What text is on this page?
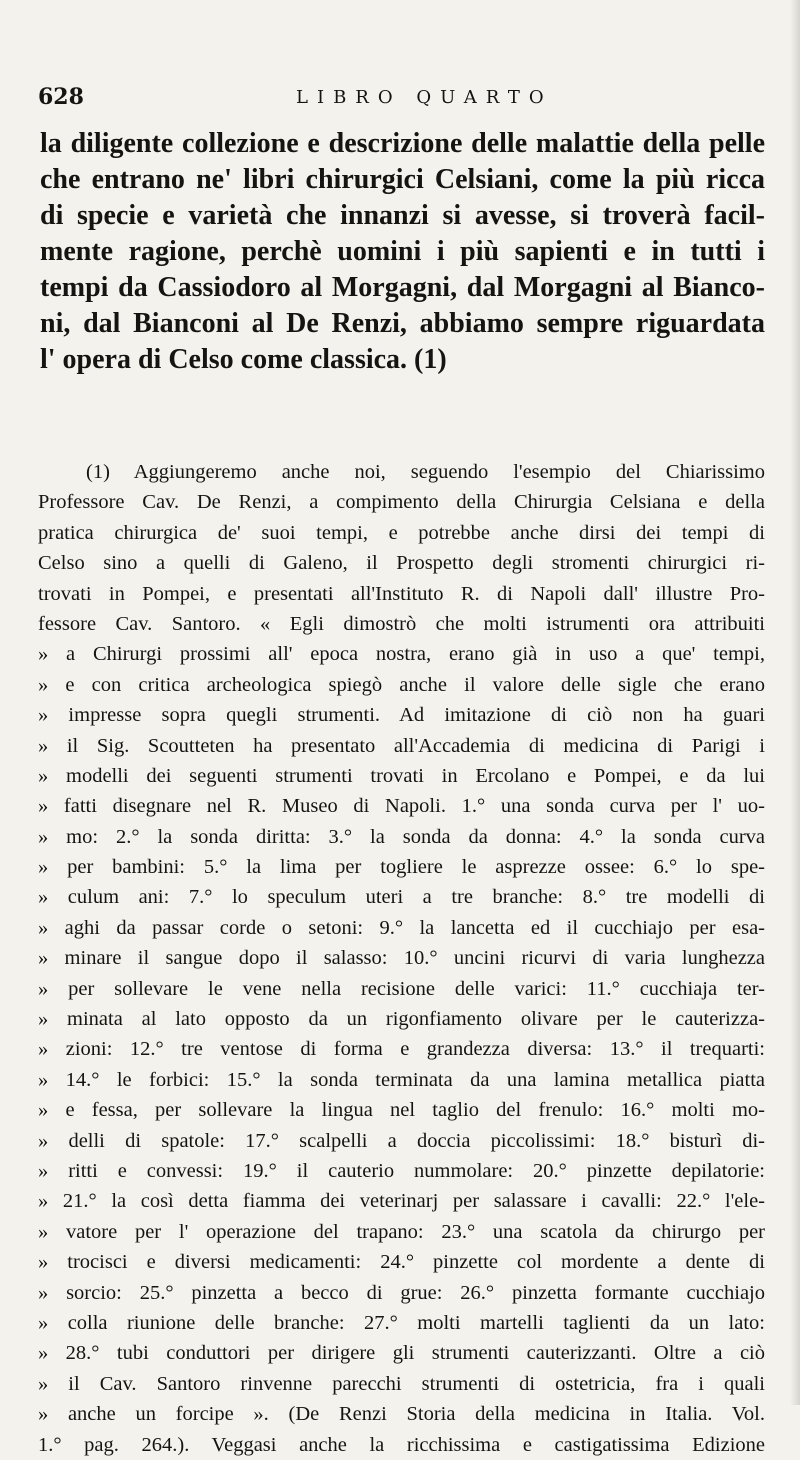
628	LIBRO QUARTO

la diligente collezione e descrizione delle malattie della pelle
che entrano ne' libri chirurgici Celsiani, come la più ricca
di specie e varietà che innanzi si avesse, si troverà facil-
mente ragione, perchè uomini i più sapienti e in tutti i
tempi da Cassiodoro al Morgagni, dal Morgagni al Bianco-
ni, dal Bianconi al De Renzi, abbiamo sempre riguardata
l' opera di Celso come classica. (1)
(1) Aggiungeremo anche noi, seguendo l'esempio del Chiarissimo
Professore Cav. De Renzi, a compimento della Chirurgia Celsiana e della
pratica chirurgica de' suoi tempi, e potrebbe anche dirsi dei tempi di
Celso sino a quelli di Galeno, il Prospetto degli stromenti chirurgici ri-
trovati in Pompei, e presentati all'Instituto R. di Napoli dall' illustre Pro-
fessore Cav. Santoro. « Egli dimostrò che molti istrumenti ora attribuiti
» a Chirurgi prossimi all' epoca nostra, erano già in uso a que' tempi,
» e con critica archeologica spiegò anche il valore delle sigle che erano
» impresse sopra quegli strumenti. Ad imitazione di ciò non ha guari
» il Sig. Scoutteten ha presentato all'Accademia di medicina di Parigi i
» modelli dei seguenti strumenti trovati in Ercolano e Pompei, e da lui
» fatti disegnare nel R. Museo di Napoli. 1.° una sonda curva per l' uo-
» mo: 2.° la sonda diritta: 3.° la sonda da donna: 4.° la sonda curva
» per bambini: 5.° la lima per togliere le asprezze ossee: 6.° lo spe-
» culum ani: 7.° lo speculum uteri a tre branche: 8.° tre modelli di
» aghi da passar corde o setoni: 9.° la lancetta ed il cucchiajo per esa-
» minare il sangue dopo il salasso: 10.° uncini ricurvi di varia lunghezza
» per sollevare le vene nella recisione delle varici: 11.° cucchiaja ter-
» minata al lato opposto da un rigonfiamento olivare per le cauterizza-
» zioni: 12.° tre ventose di forma e grandezza diversa: 13.° il trequarti:
» 14.° le forbici: 15.° la sonda terminata da una lamina metallica piatta
» e fessa, per sollevare la lingua nel taglio del frenulo: 16.° molti mo-
» delli di spatole: 17.° scalpelli a doccia piccolissimi: 18.° bisturì di-
» ritti e convessi: 19.° il cauterio nummolare: 20.° pinzette depilatorie:
» 21.° la così detta fiamma dei veterinarj per salassare i cavalli: 22.° l'ele-
» vatore per l' operazione del trapano: 23.° una scatola da chirurgo per
» trocisci e diversi medicamenti: 24.° pinzette col mordente a dente di
» sorcio: 25.° pinzetta a becco di grue: 26.° pinzetta formante cucchiajo
» colla riunione delle branche: 27.° molti martelli taglienti da un lato:
» 28.° tubi conduttori per dirigere gli strumenti cauterizzanti. Oltre a ciò
» il Cav. Santoro rinvenne parecchi strumenti di ostetricia, fra i quali
» anche un forcipe ». (De Renzi Storia della medicina in Italia. Vol.
1.° pag. 264.). Veggasi anche la ricchissima e castigatissima Edizione
